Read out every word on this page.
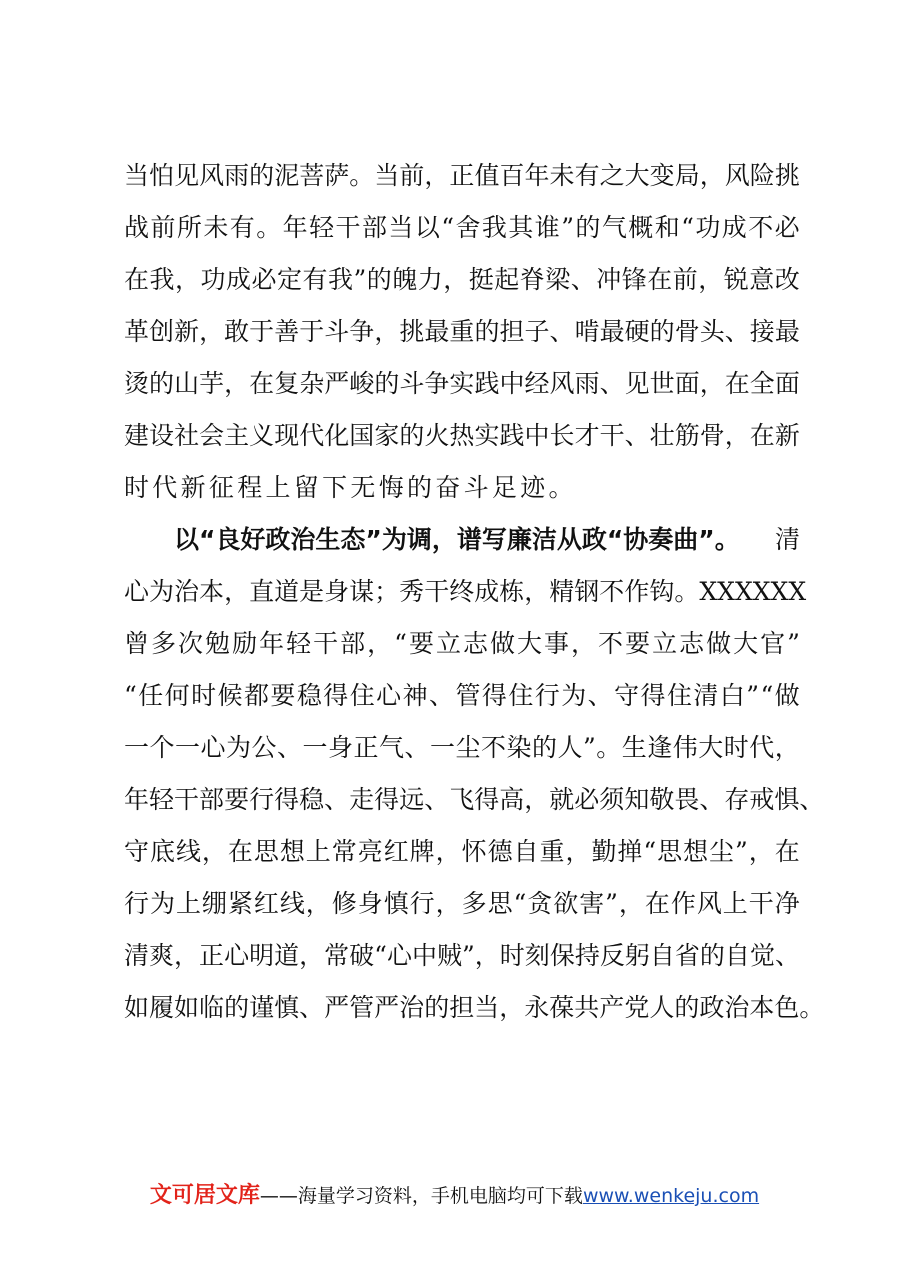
当 怕 见 风 雨 的 泥 菩 萨 。 当 前 ， 正 值 百 年 未 有 之 大 变 局 ， 风 险 挑
战 前 所 未 有 。 年 轻 干 部 当 以 “ 舍 我 其 谁 ” 的 气 概 和 “ 功 成 不 必
在 我 ， 功 成 必 定 有 我 ” 的 魄 力 ， 挺 起 脊 梁 、 冲 锋 在 前 ， 锐 意 改
革 创 新 ， 敢 于 善 于 斗 争 ， 挑 最 重 的 担 子 、 啃 最 硬 的 骨 头 、 接 最
烫 的 山 芋 ， 在 复 杂 严 峻 的 斗 争 实 践 中 经 风 雨 、 见 世 面 ， 在 全 面
建 设 社 会 主 义 现 代 化 国 家 的 火 热 实 践 中 长 才 干 、 壮 筋 骨 ， 在 新
时代新征程上留下无悔的奋斗足迹。
以“良好政治生态”为调，谱写廉洁从政“协奏曲”。 清
心 为 治 本 ， 直 道 是 身 谋 ； 秀 干 终 成 栋 ， 精 钢 不 作 钩 。 XXXXXX
曾 多 次 勉 励 年 轻 干 部 ， “ 要 立 志 做 大 事 ， 不 要 立 志 做 大 官 ”
“ 任 何 时 候 都 要 稳 得 住 心 神 、 管 得 住 行 为 、 守 得 住 清 白 ” “ 做
一 个 一 心 为 公 、 一 身 正 气 、 一 尘 不 染 的 人 ” 。 生 逢 伟 大 时 代 ，
年 轻 干 部 要 行 得 稳 、 走 得 远 、 飞 得 高 ， 就 必 须 知 敬 畏 、 存 戒 惧 、
守 底 线 ， 在 思 想 上 常 亮 红 牌 ， 怀 德 自 重 ， 勤 掸 “ 思 想 尘 ” ， 在
行 为 上 绷 紧 红 线 ， 修 身 慎 行 ， 多 思 “ 贪 欲 害 ” ， 在 作 风 上 干 净
清 爽 ， 正 心 明 道 ， 常 破 “ 心 中 贼 ” ， 时 刻 保 持 反 躬 自 省 的 自 觉 、
如 履 如 临 的 谨 慎 、 严 管 严 治 的 担 当 ， 永 葆 共 产 党 人 的 政 治 本 色 。
文可居文库——海量学习资料，手机电脑均可下载www.wenkeju.com
